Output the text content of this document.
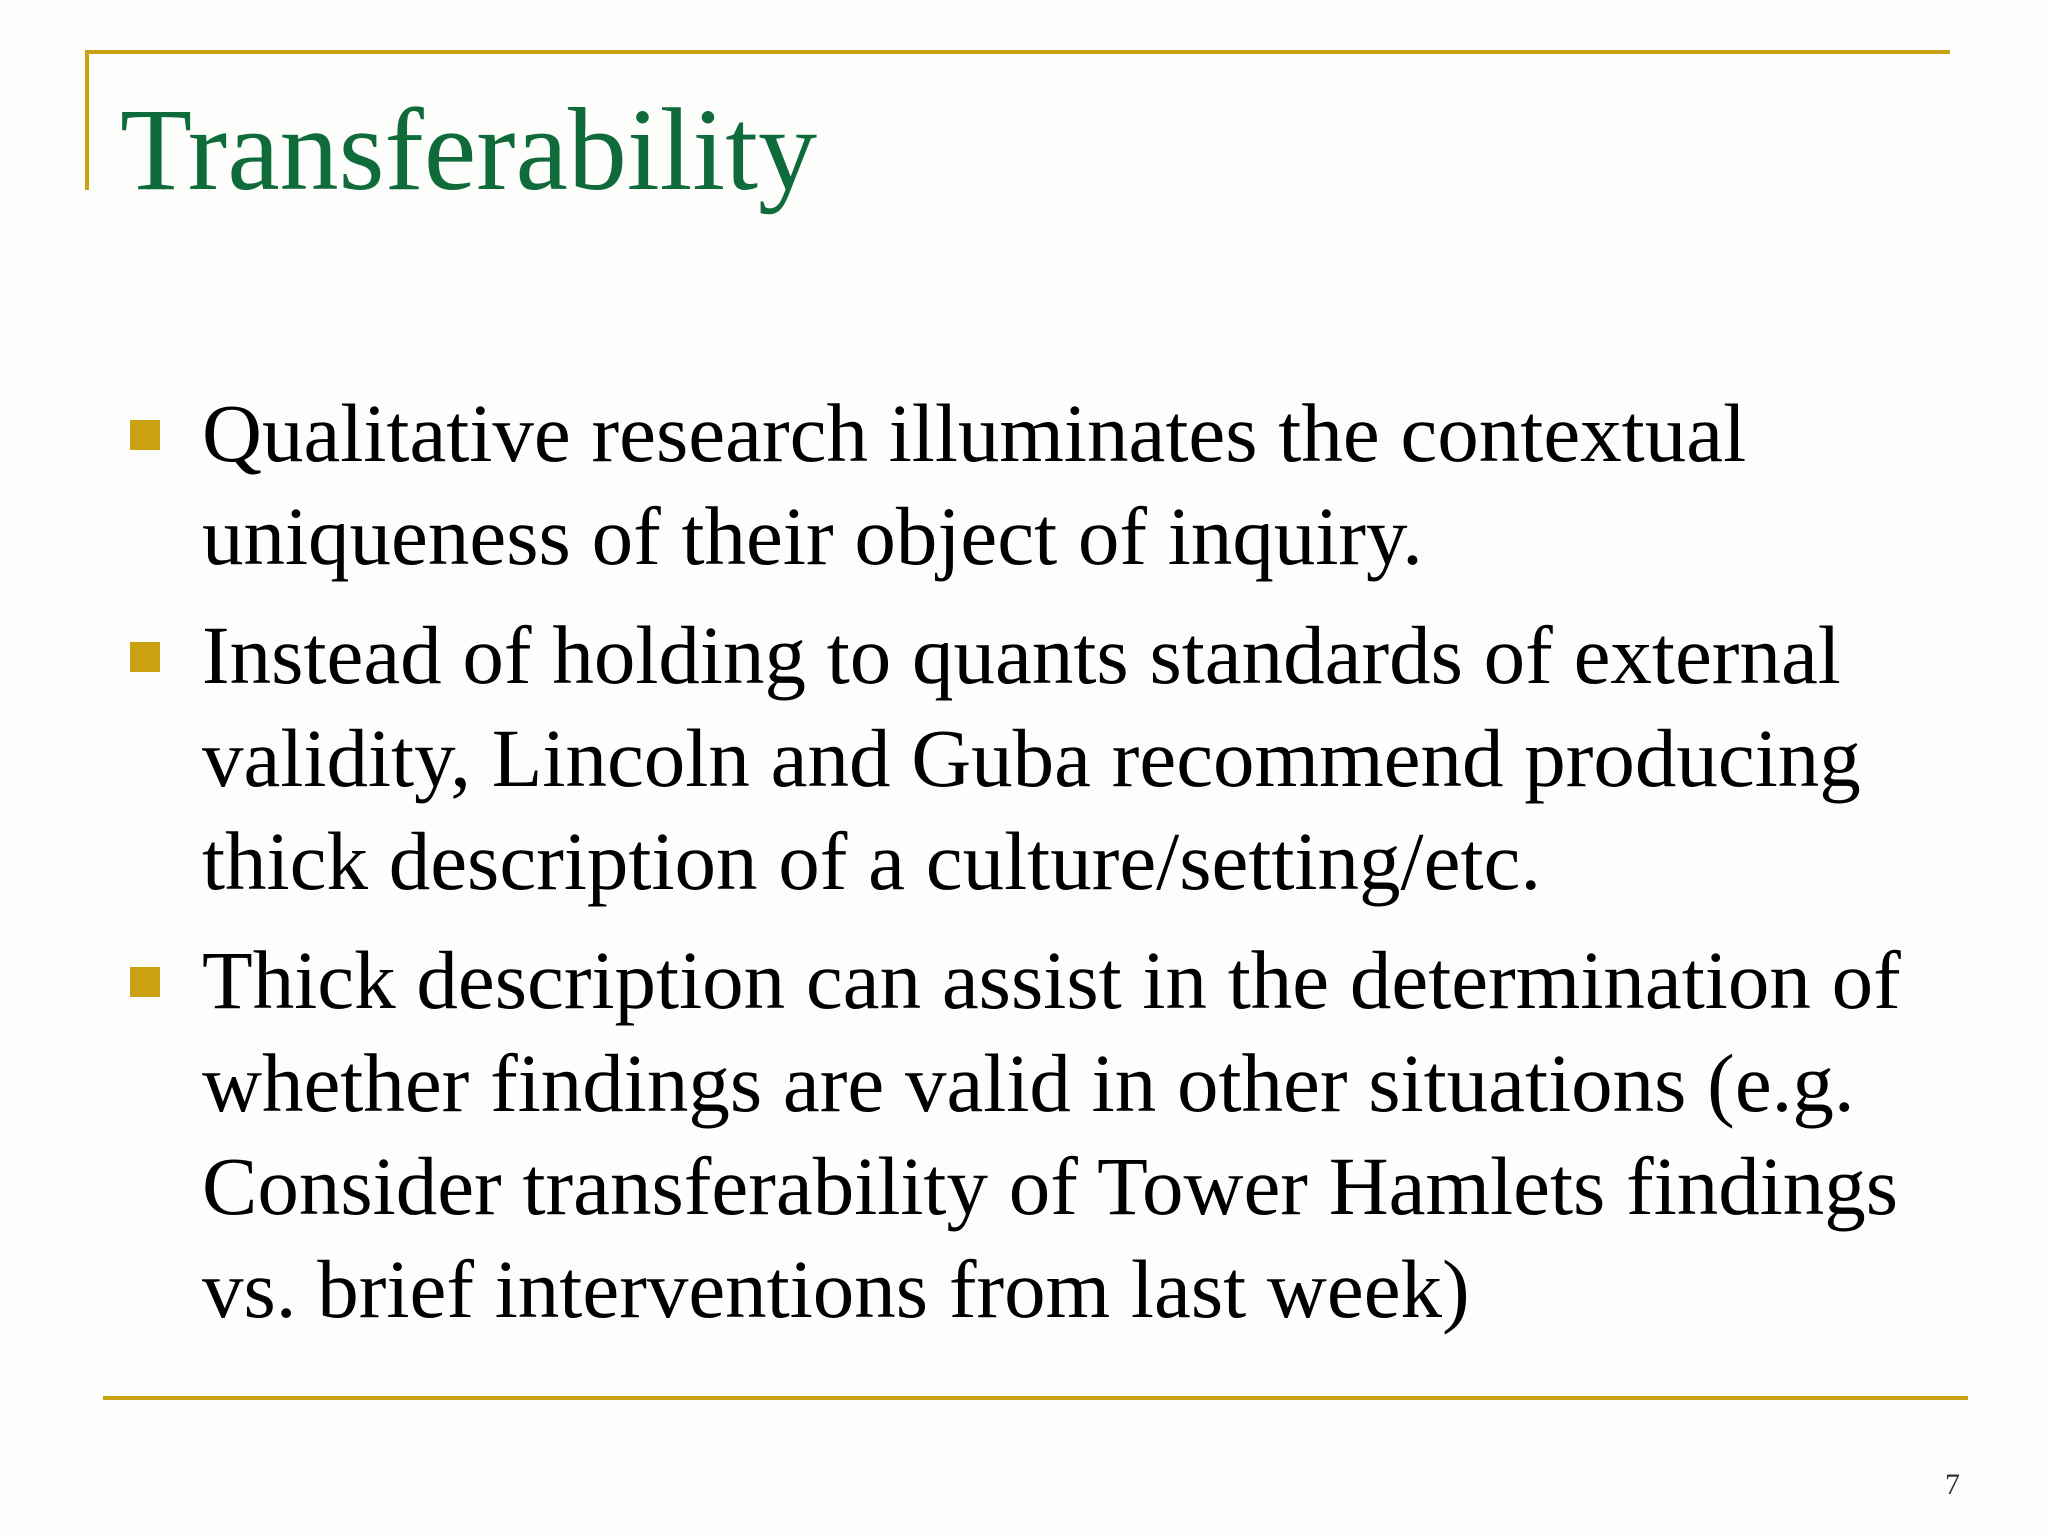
Transferability
Qualitative research illuminates the contextual uniqueness of their object of inquiry.
Instead of holding to quants standards of external validity, Lincoln and Guba recommend producing thick description of a culture/setting/etc.
Thick description can assist in the determination of whether findings are valid in other situations (e.g. Consider transferability of Tower Hamlets findings vs. brief interventions from last week)
7
